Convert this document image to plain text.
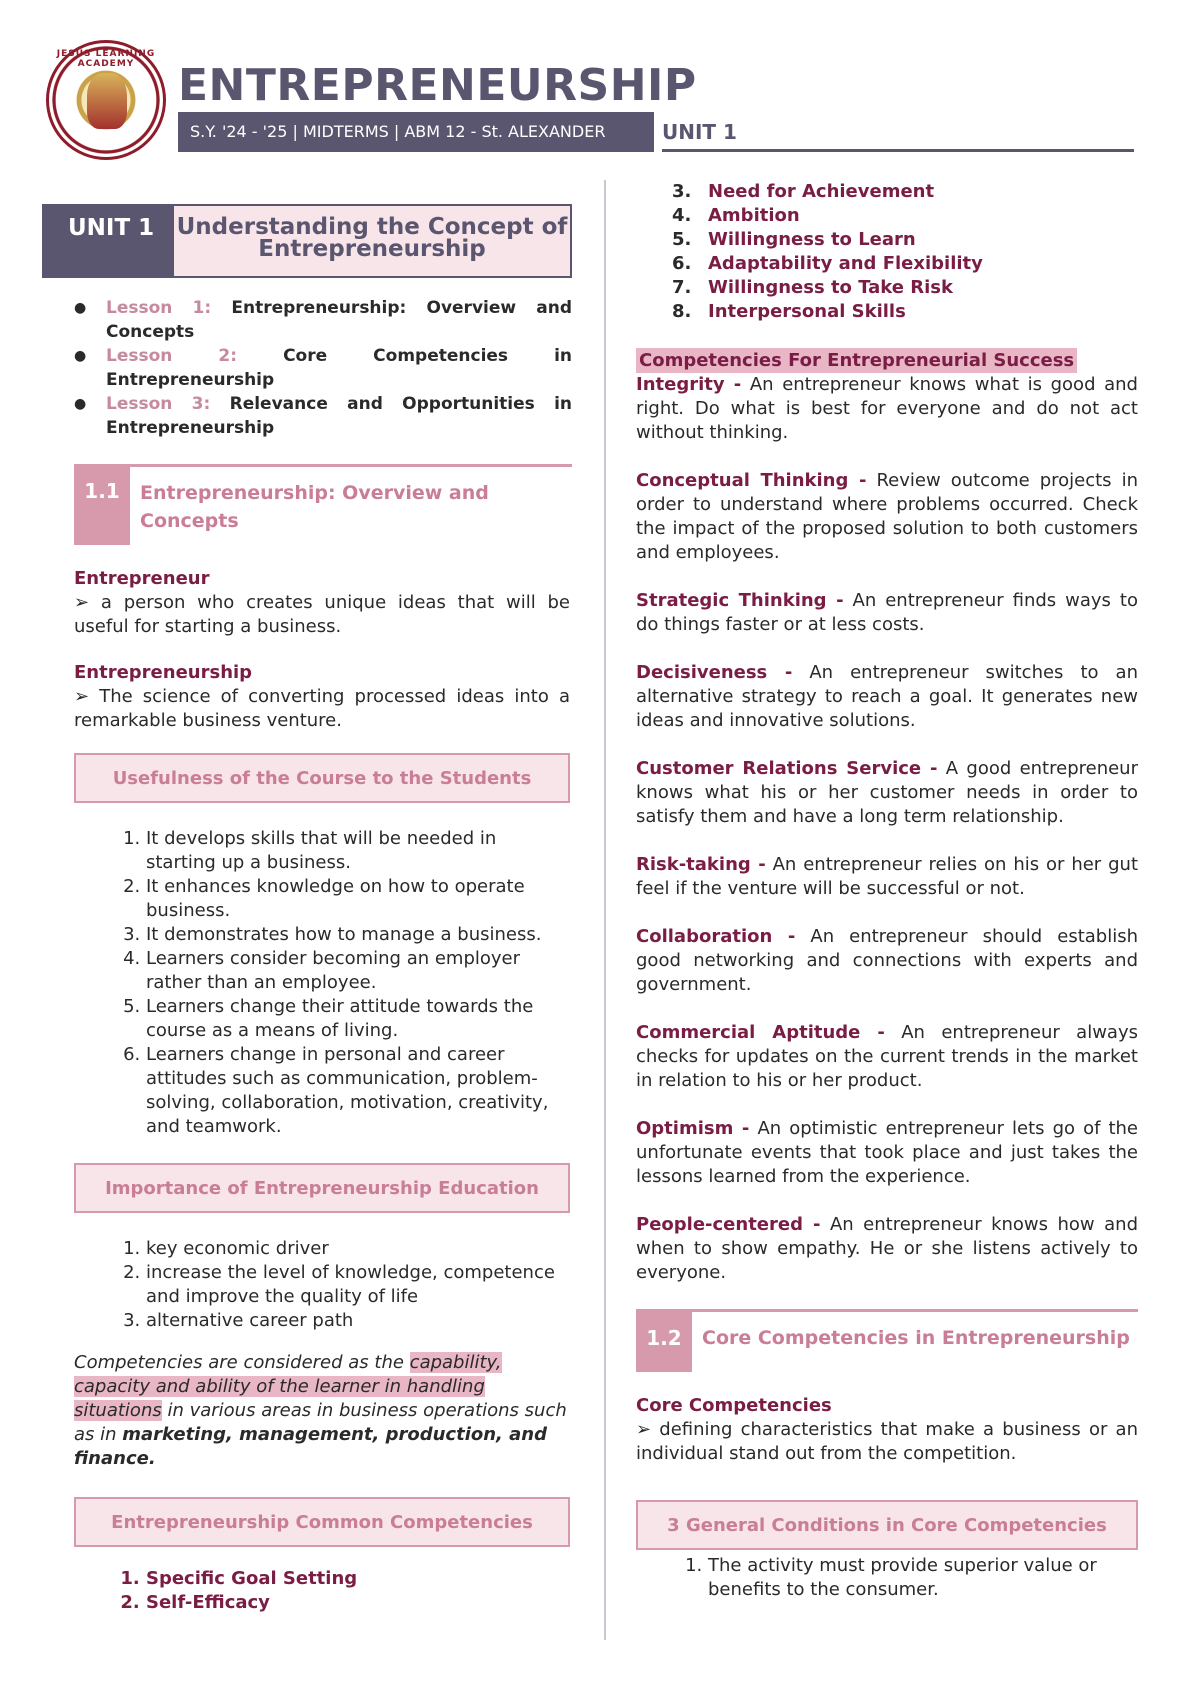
JESUS LEARNING ACADEMY ENTREPRENEURSHIP
S.Y. '24 - '25 | MIDTERMS | ABM 12 - St. ALEXANDER	UNIT 1
UNIT 1 Understanding the Concept of Entrepreneurship
● Lesson 1: Entrepreneurship: Overview and Concepts
● Lesson 2: Core Competencies in Entrepreneurship
● Lesson 3: Relevance and Opportunities in Entrepreneurship
1.1	Entrepreneurship: Overview and Concepts
Entrepreneur
➢ a person who creates unique ideas that will be useful for starting a business.
Entrepreneurship
➢ The science of converting processed ideas into a remarkable business venture.
Usefulness of the Course to the Students
1. It develops skills that will be needed in starting up a business.
2. It enhances knowledge on how to operate business.
3. It demonstrates how to manage a business.
4. Learners consider becoming an employer rather than an employee.
5. Learners change their attitude towards the course as a means of living.
6. Learners change in personal and career attitudes such as communication, problem-solving, collaboration, motivation, creativity, and teamwork.
Importance of Entrepreneurship Education
1. key economic driver
2. increase the level of knowledge, competence and improve the quality of life
3. alternative career path
Competencies are considered as the capability, capacity and ability of the learner in handling situations in various areas in business operations such as in marketing, management, production, and finance.
Entrepreneurship Common Competencies
1. Specific Goal Setting
2. Self-Efficacy
3. Need for Achievement
4. Ambition
5. Willingness to Learn
6. Adaptability and Flexibility
7. Willingness to Take Risk
8. Interpersonal Skills
Competencies For Entrepreneurial Success
Integrity - An entrepreneur knows what is good and right. Do what is best for everyone and do not act without thinking.
Conceptual Thinking - Review outcome projects in order to understand where problems occurred. Check the impact of the proposed solution to both customers and employees.
Strategic Thinking - An entrepreneur finds ways to do things faster or at less costs.
Decisiveness - An entrepreneur switches to an alternative strategy to reach a goal. It generates new ideas and innovative solutions.
Customer Relations Service - A good entrepreneur knows what his or her customer needs in order to satisfy them and have a long term relationship.
Risk-taking - An entrepreneur relies on his or her gut feel if the venture will be successful or not.
Collaboration - An entrepreneur should establish good networking and connections with experts and government.
Commercial Aptitude - An entrepreneur always checks for updates on the current trends in the market in relation to his or her product.
Optimism - An optimistic entrepreneur lets go of the unfortunate events that took place and just takes the lessons learned from the experience.
People-centered - An entrepreneur knows how and when to show empathy. He or she listens actively to everyone.
1.2	Core Competencies in Entrepreneurship
Core Competencies
➢ defining characteristics that make a business or an individual stand out from the competition.
3 General Conditions in Core Competencies
1. The activity must provide superior value or benefits to the consumer.
